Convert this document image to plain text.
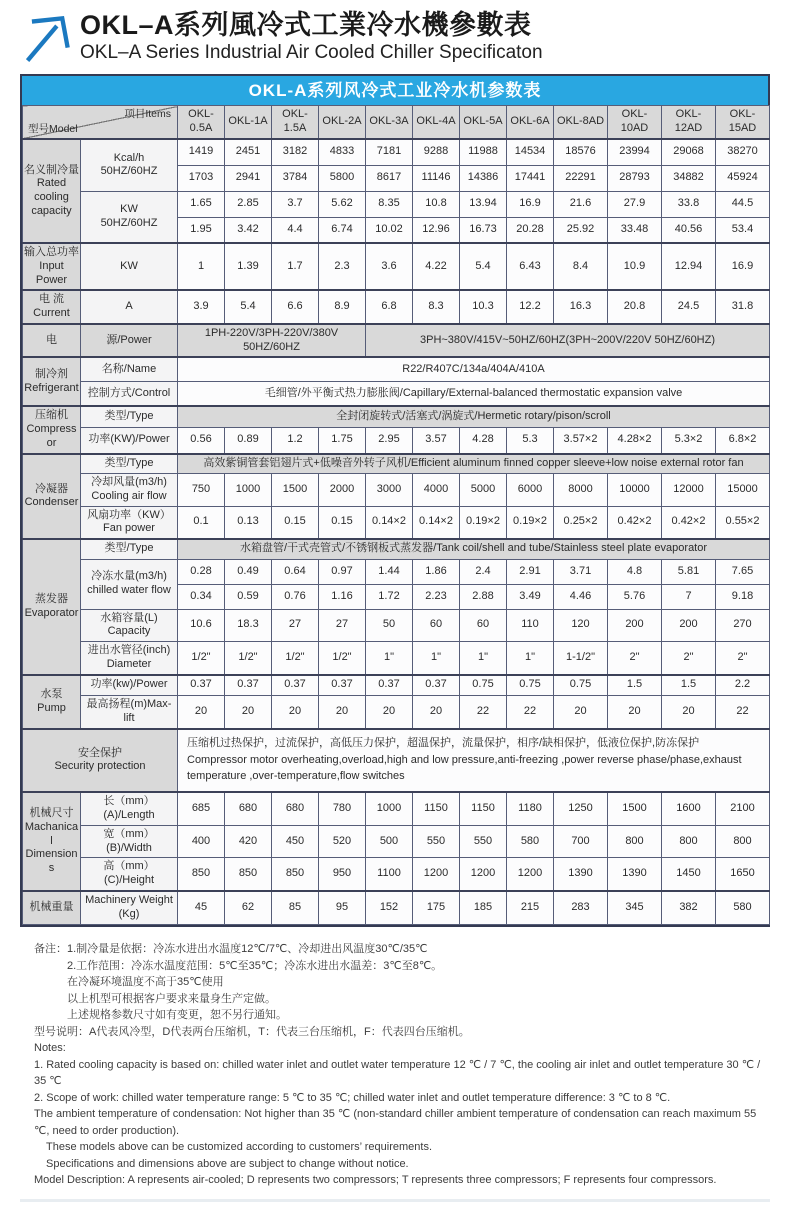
OKL–A系列風冷式工業冷水機參數表
OKL–A Series Industrial Air Cooled Chiller Specificaton
OKL-A系列风冷式工业冷水机参数表
项目Items
型号Model		OKL-0.5A	OKL-1A	OKL-1.5A	OKL-2A	OKL-3A	OKL-4A	OKL-5A	OKL-6A	OKL-8AD	OKL-10AD	OKL-12AD	OKL-15AD

名义制冷量
Rated
cooling
capacity

Kcal/h
50HZ/60HZ

1419	2451	3182	4833	7181	9288	11988	14534	18576	23994	29068	38270

		1703	2941	3784	5800	8617	11146	14386	17441	22291	28793	34882	45924

	KW
50HZ/60HZ	1.65	2.85	3.7	5.62	8.35	10.8	13.94	16.9	21.6	27.9	33.8	44.5

		1.95	3.42	4.4	6.74	10.02	12.96	16.73	20.28	25.92	33.48	40.56	53.4

输入总功率
Input Power	KW	1	1.39	1.7	2.3	3.6	4.22	5.4	6.43	8.4	10.9	12.94	16.9

电 流
Current	A	3.9	5.4	6.6	8.9	6.8	8.3	10.3	12.2	16.3	20.8	24.5	31.8

电	源/Power	1PH-220V/3PH-220V/380V 50HZ/60HZ				3PH~380V/415V~50HZ/60HZ(3PH~200V/220V 50HZ/60HZ)							

制冷剂
Refrigerant	名称/Name	R22/R407C/134a/404A/410A											

	控制方式/Control	毛细管/外平衡式热力膨胀阀/Capillary/External-balanced thermostatic expansion valve											

压缩机
Compressor	类型/Type	全封闭旋转式/活塞式/涡旋式/Hermetic rotary/pison/scroll											

	功率(KW)/Power	0.56	0.89	1.2	1.75	2.95	3.57	4.28	5.3	3.57×2	4.28×2	5.3×2	6.8×2

冷凝器
Condenser	类型/Type	高效紫铜管套铝翅片式+低噪音外转子风机/Efficient aluminum finned copper sleeve+low noise external rotor fan											

	冷却风量(m3/h)
Cooling air flow	750	1000	1500	2000	3000	4000	5000	6000	8000	10000	12000	15000

	风扇功率（KW）
Fan power	0.1	0.13	0.15	0.15	0.14×2	0.14×2	0.19×2	0.19×2	0.25×2	0.42×2	0.42×2	0.55×2

蒸发器
Evaporator	类型/Type	水箱盘管/干式壳管式/不锈钢板式蒸发器/Tank coil/shell and tube/Stainless steel plate evaporator											

	冷冻水量(m3/h)
chilled water flow	0.28	0.49	0.64	0.97	1.44	1.86	2.4	2.91	3.71	4.8	5.81	7.65

		0.34	0.59	0.76	1.16	1.72	2.23	2.88	3.49	4.46	5.76	7	9.18

	水箱容量(L)
Capacity	10.6	18.3	27	27	50	60	60	110	120	200	200	270

	进出水管径(inch)
Diameter	1/2"	1/2"	1/2"	1/2"	1"	1"	1"	1"	1-1/2"	2"	2"	2"

水泵
Pump	功率(kw)/Power	0.37	0.37	0.37	0.37	0.37	0.37	0.75	0.75	0.75	1.5	1.5	2.2

	最高扬程(m)Max-lift	20	20	20	20	20	20	22	22	20	20	20	22

安全保护
Security protection

压缩机过热保护，过流保护，高低压力保护，超温保护，流量保护，相序/缺相保护，低液位保护,防冻保护
Compressor motor overheating,overload,high and low pressure,anti-freezing ,power reverse phase/phase,exhaust temperature ,over-temperature,flow switches

机械尺寸
Machanical
Dimensions	长（mm）(A)/Length	685	680	680	780	1000	1150	1150	1180	1250	1500	1600	2100

	宽（mm）(B)/Width	400	420	450	520	500	550	550	580	700	800	800	800

	高（mm）(C)/Height	850	850	850	950	1100	1200	1200	1200	1390	1390	1450	1650

机械重量	Machinery Weight
(Kg)	45	62	85	95	152	175	185	215	283	345	382	580
备注：1.制冷量是依据：冷冻水进出水温度12℃/7℃、冷却进出风温度30℃/35℃
2.工作范围：冷冻水温度范围：5℃至35℃；冷冻水进出水温差：3℃至8℃。
在冷凝环境温度不高于35℃使用
以上机型可根据客户要求来量身生产定做。
上述规格参数尺寸如有变更，恕不另行通知。
型号说明：A代表风冷型，D代表两台压缩机，T：代表三台压缩机，F：代表四台压缩机。
Notes:
1. Rated cooling capacity is based on: chilled water inlet and outlet water temperature 12 ℃ / 7 ℃, the cooling air inlet and outlet temperature 30 ℃ / 35 ℃
2. Scope of work: chilled water temperature range: 5 ℃ to 35 ℃; chilled water inlet and outlet temperature difference: 3 ℃ to 8 ℃.
The ambient temperature of condensation: Not higher than 35 ℃ (non-standard chiller ambient temperature of condensation can reach maximum 55 ℃, need to order production).
These models above can be customized according to customers’ requirements.
Specifications and dimensions above are subject to change without notice.
Model Description: A represents air-cooled; D represents two compressors; T represents three compressors; F represents four compressors.
